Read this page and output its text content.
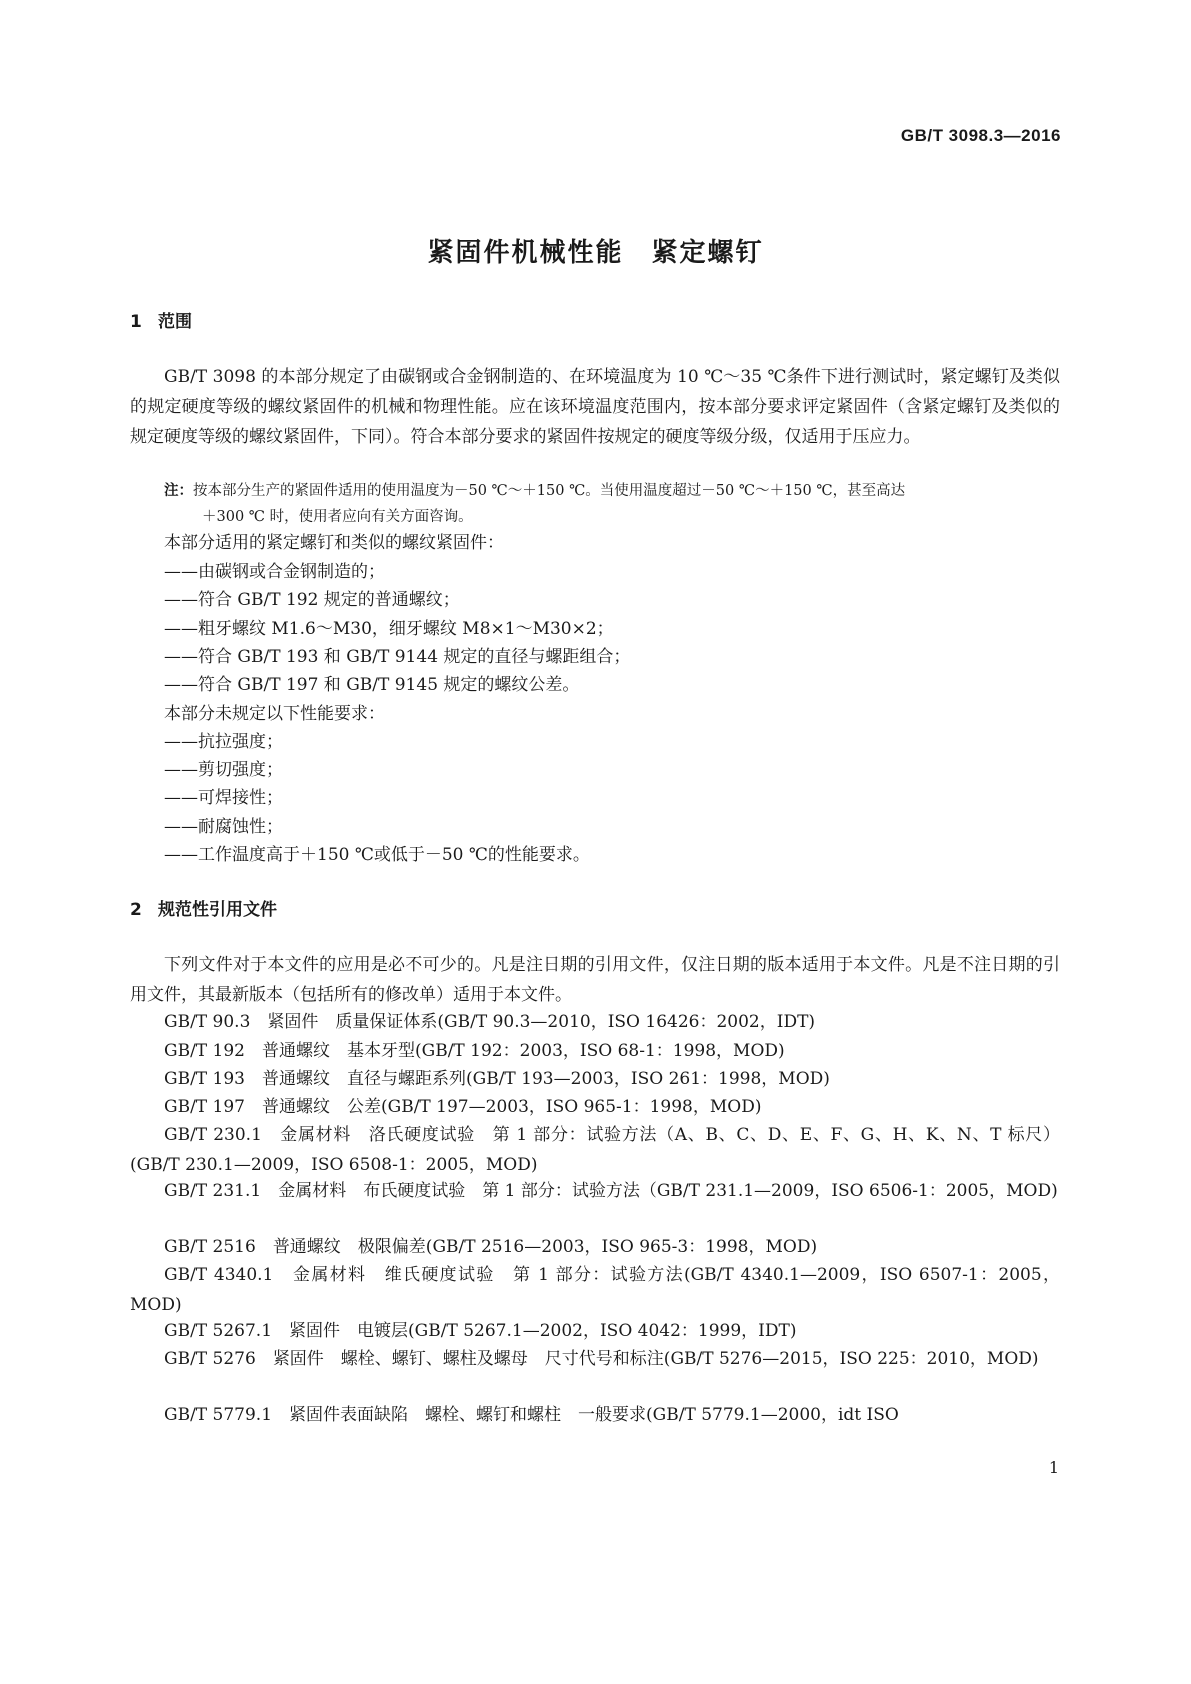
GB/T 3098.3—2016
紧固件机械性能　紧定螺钉
1 范围
GB/T 3098 的本部分规定了由碳钢或合金钢制造的、在环境温度为 10 ℃～35 ℃条件下进行测试时，紧定螺钉及类似的规定硬度等级的螺纹紧固件的机械和物理性能。应在该环境温度范围内，按本部分要求评定紧固件（含紧定螺钉及类似的规定硬度等级的螺纹紧固件，下同）。符合本部分要求的紧固件按规定的硬度等级分级，仅适用于压应力。
注：按本部分生产的紧固件适用的使用温度为－50 ℃～＋150 ℃。当使用温度超过－50 ℃～＋150 ℃，甚至高达
＋300 ℃ 时，使用者应向有关方面咨询。
本部分适用的紧定螺钉和类似的螺纹紧固件：
——由碳钢或合金钢制造的；
——符合 GB/T 192 规定的普通螺纹；
——粗牙螺纹 M1.6～M30，细牙螺纹 M8×1～M30×2；
——符合 GB/T 193 和 GB/T 9144 规定的直径与螺距组合；
——符合 GB/T 197 和 GB/T 9145 规定的螺纹公差。
本部分未规定以下性能要求：
——抗拉强度；
——剪切强度；
——可焊接性；
——耐腐蚀性；
——工作温度高于＋150 ℃或低于－50 ℃的性能要求。
2 规范性引用文件
下列文件对于本文件的应用是必不可少的。凡是注日期的引用文件，仅注日期的版本适用于本文件。凡是不注日期的引用文件，其最新版本（包括所有的修改单）适用于本文件。
GB/T 90.3　 紧固件　质量保证体系(GB/T 90.3—2010，ISO 16426：2002，IDT)
GB/T 192　 普通螺纹　基本牙型(GB/T 192：2003，ISO 68-1：1998，MOD)
GB/T 193　 普通螺纹　直径与螺距系列(GB/T 193—2003，ISO 261：1998，MOD)
GB/T 197　 普通螺纹　公差(GB/T 197—2003，ISO 965-1：1998，MOD)
GB/T 230.1　 金属材料　洛氏硬度试验　第 1 部分：试验方法（A、B、C、D、E、F、G、H、K、N、T 标尺）(GB/T 230.1—2009，ISO 6508-1：2005，MOD)
GB/T 231.1　 金属材料　布氏硬度试验　第 1 部分：试验方法（GB/T 231.1—2009，ISO 6506-1：2005，MOD)
GB/T 2516　 普通螺纹　极限偏差(GB/T 2516—2003，ISO 965-3：1998，MOD)
GB/T 4340.1　 金属材料　维氏硬度试验　第 1 部分：试验方法(GB/T 4340.1—2009，ISO 6507-1：2005，MOD)
GB/T 5267.1　 紧固件　电镀层(GB/T 5267.1—2002，ISO 4042：1999，IDT)
GB/T 5276　 紧固件　螺栓、螺钉、螺柱及螺母　尺寸代号和标注(GB/T 5276—2015，ISO 225：2010，MOD)
GB/T 5779.1　 紧固件表面缺陷　螺栓、螺钉和螺柱　一般要求(GB/T 5779.1—2000，idt ISO
1
